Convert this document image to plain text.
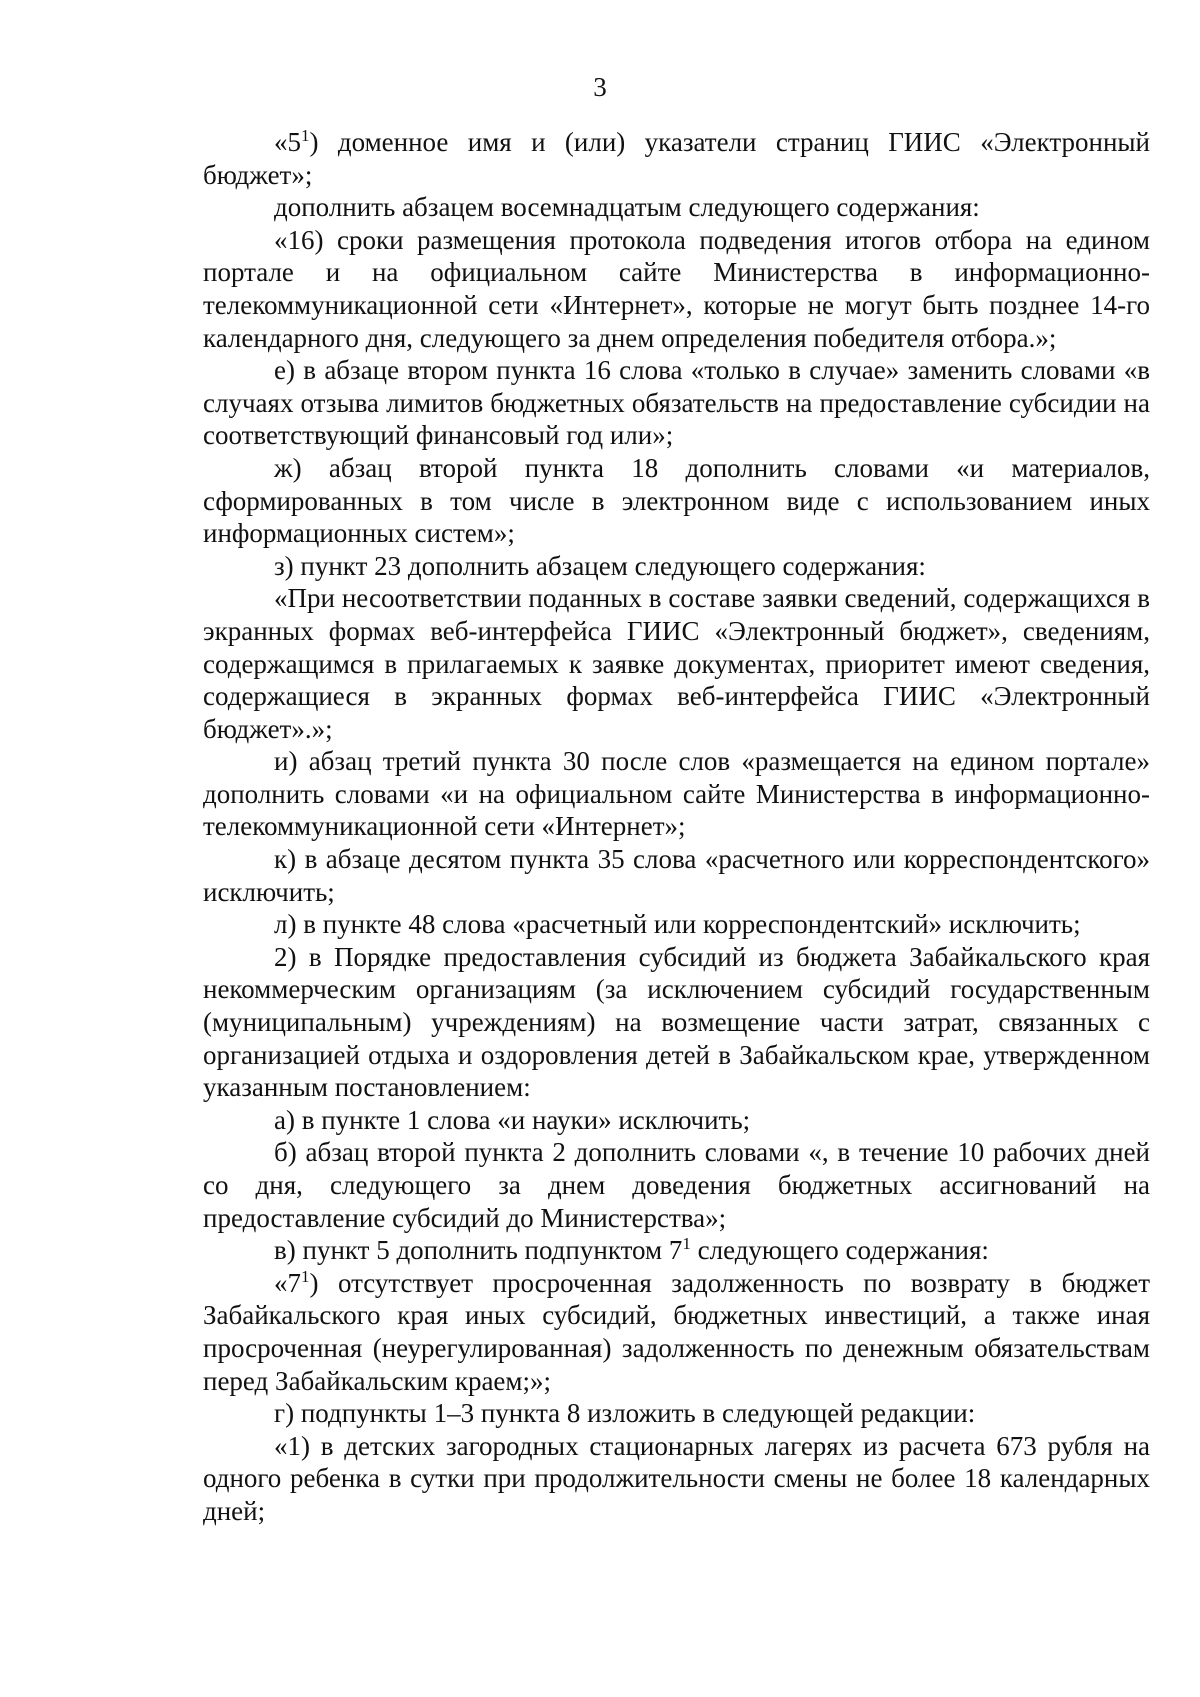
3

«$5^1$) доменное имя и (или) указатели страниц ГИИС «Электронный бюджет»;

дополнить абзацем восемнадцатым следующего содержания:

«16) сроки размещения протокола подведения итогов отбора на едином портале и на официальном сайте Министерства в информационно-телекоммуникационной сети «Интернет», которые не могут быть позднее 14-го календарного дня, следующего за днем определения победителя отбора.»;

е) в абзаце втором пункта 16 слова «только в случае» заменить словами «в случаях отзыва лимитов бюджетных обязательств на предоставление субсидии на соответствующий финансовый год или»;

ж) абзац второй пункта 18 дополнить словами «и материалов, сформированных в том числе в электронном виде с использованием иных информационных систем»;

з) пункт 23 дополнить абзацем следующего содержания:

«При несоответствии поданных в составе заявки сведений, содержащихся в экранных формах веб-интерфейса ГИИС «Электронный бюджет», сведениям, содержащимся в прилагаемых к заявке документах, приоритет имеют сведения, содержащиеся в экранных формах веб-интерфейса ГИИС «Электронный бюджет».»;

и) абзац третий пункта 30 после слов «размещается на едином портале» дополнить словами «и на официальном сайте Министерства в информационно-телекоммуникационной сети «Интернет»;

к) в абзаце десятом пункта 35 слова «расчетного или корреспондентского» исключить;

л) в пункте 48 слова «расчетный или корреспондентский» исключить;

2) в Порядке предоставления субсидий из бюджета Забайкальского края некоммерческим организациям (за исключением субсидий государственным (муниципальным) учреждениям) на возмещение части затрат, связанных с организацией отдыха и оздоровления детей в Забайкальском крае, утвержденном указанным постановлением:

а) в пункте 1 слова «и науки» исключить;

б) абзац второй пункта 2 дополнить словами «, в течение 10 рабочих дней со дня, следующего за днем доведения бюджетных ассигнований на предоставление субсидий до Министерства»;

в) пункт 5 дополнить подпунктом $7^1$ следующего содержания:

«$7^1$) отсутствует просроченная задолженность по возврату в бюджет Забайкальского края иных субсидий, бюджетных инвестиций, а также иная просроченная (неурегулированная) задолженность по денежным обязательствам перед Забайкальским краем;»;

г) подпункты 1–3 пункта 8 изложить в следующей редакции:

«1) в детских загородных стационарных лагерях из расчета 673 рубля на одного ребенка в сутки при продолжительности смены не более 18 календарных дней;
